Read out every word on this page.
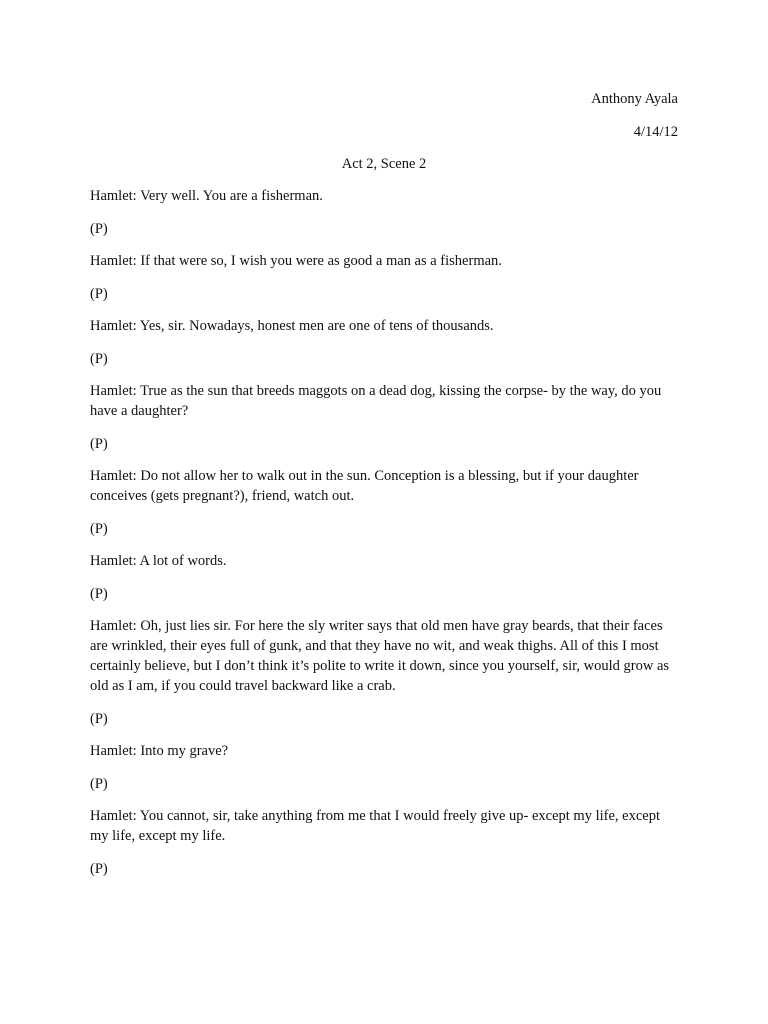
Anthony Ayala
4/14/12
Act 2, Scene 2

Hamlet: Very well. You are a fisherman.

(P)

Hamlet: If that were so, I wish you were as good a man as a fisherman.

(P)

Hamlet: Yes, sir. Nowadays, honest men are one of tens of thousands.

(P)

Hamlet: True as the sun that breeds maggots on a dead dog, kissing the corpse- by the way, do you have a daughter?

(P)

Hamlet: Do not allow her to walk out in the sun. Conception is a blessing, but if your daughter conceives (gets pregnant?), friend, watch out.

(P)

Hamlet: A lot of words.

(P)

Hamlet: Oh, just lies sir. For here the sly writer says that old men have gray beards, that their faces are wrinkled, their eyes full of gunk, and that they have no wit, and weak thighs. All of this I most certainly believe, but I don’t think it’s polite to write it down, since you yourself, sir, would grow as old as I am, if you could travel backward like a crab.

(P)

Hamlet: Into my grave?

(P)

Hamlet: You cannot, sir, take anything from me that I would freely give up- except my life, except my life, except my life.

(P)
